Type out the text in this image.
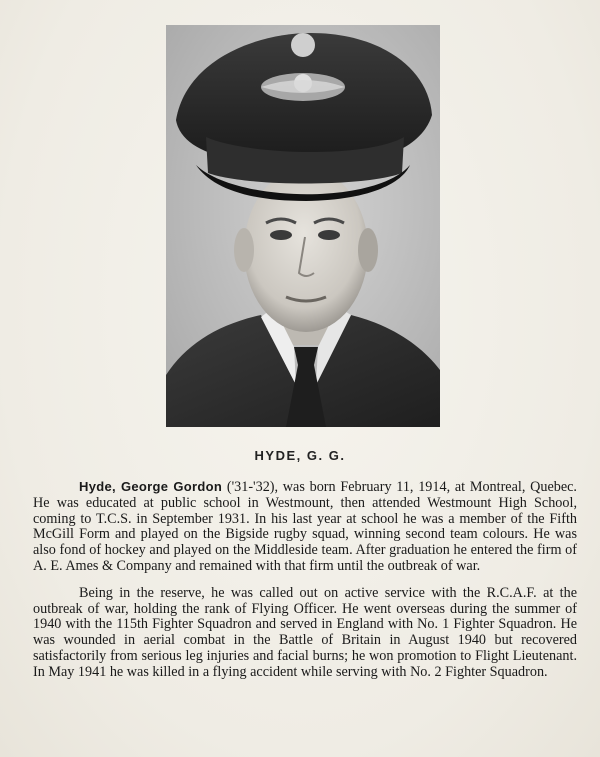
HYDE, G. G.

Hyde, George Gordon ('31-'32), was born February 11, 1914, at Montreal, Quebec. He was educated at public school in Westmount, then attended Westmount High School, coming to T.C.S. in September 1931. In his last year at school he was a member of the Fifth McGill Form and played on the Bigside rugby squad, winning second team colours. He was also fond of hockey and played on the Middleside team. After graduation he entered the firm of A. E. Ames & Company and remained with that firm until the outbreak of war.

Being in the reserve, he was called out on active service with the R.C.A.F. at the outbreak of war, holding the rank of Flying Officer. He went overseas during the summer of 1940 with the 115th Fighter Squadron and served in England with No. 1 Fighter Squadron. He was wounded in aerial combat in the Battle of Britain in August 1940 but recovered satisfactorily from serious leg injuries and facial burns; he won promotion to Flight Lieutenant. In May 1941 he was killed in a flying accident while serving with No. 2 Fighter Squadron.
